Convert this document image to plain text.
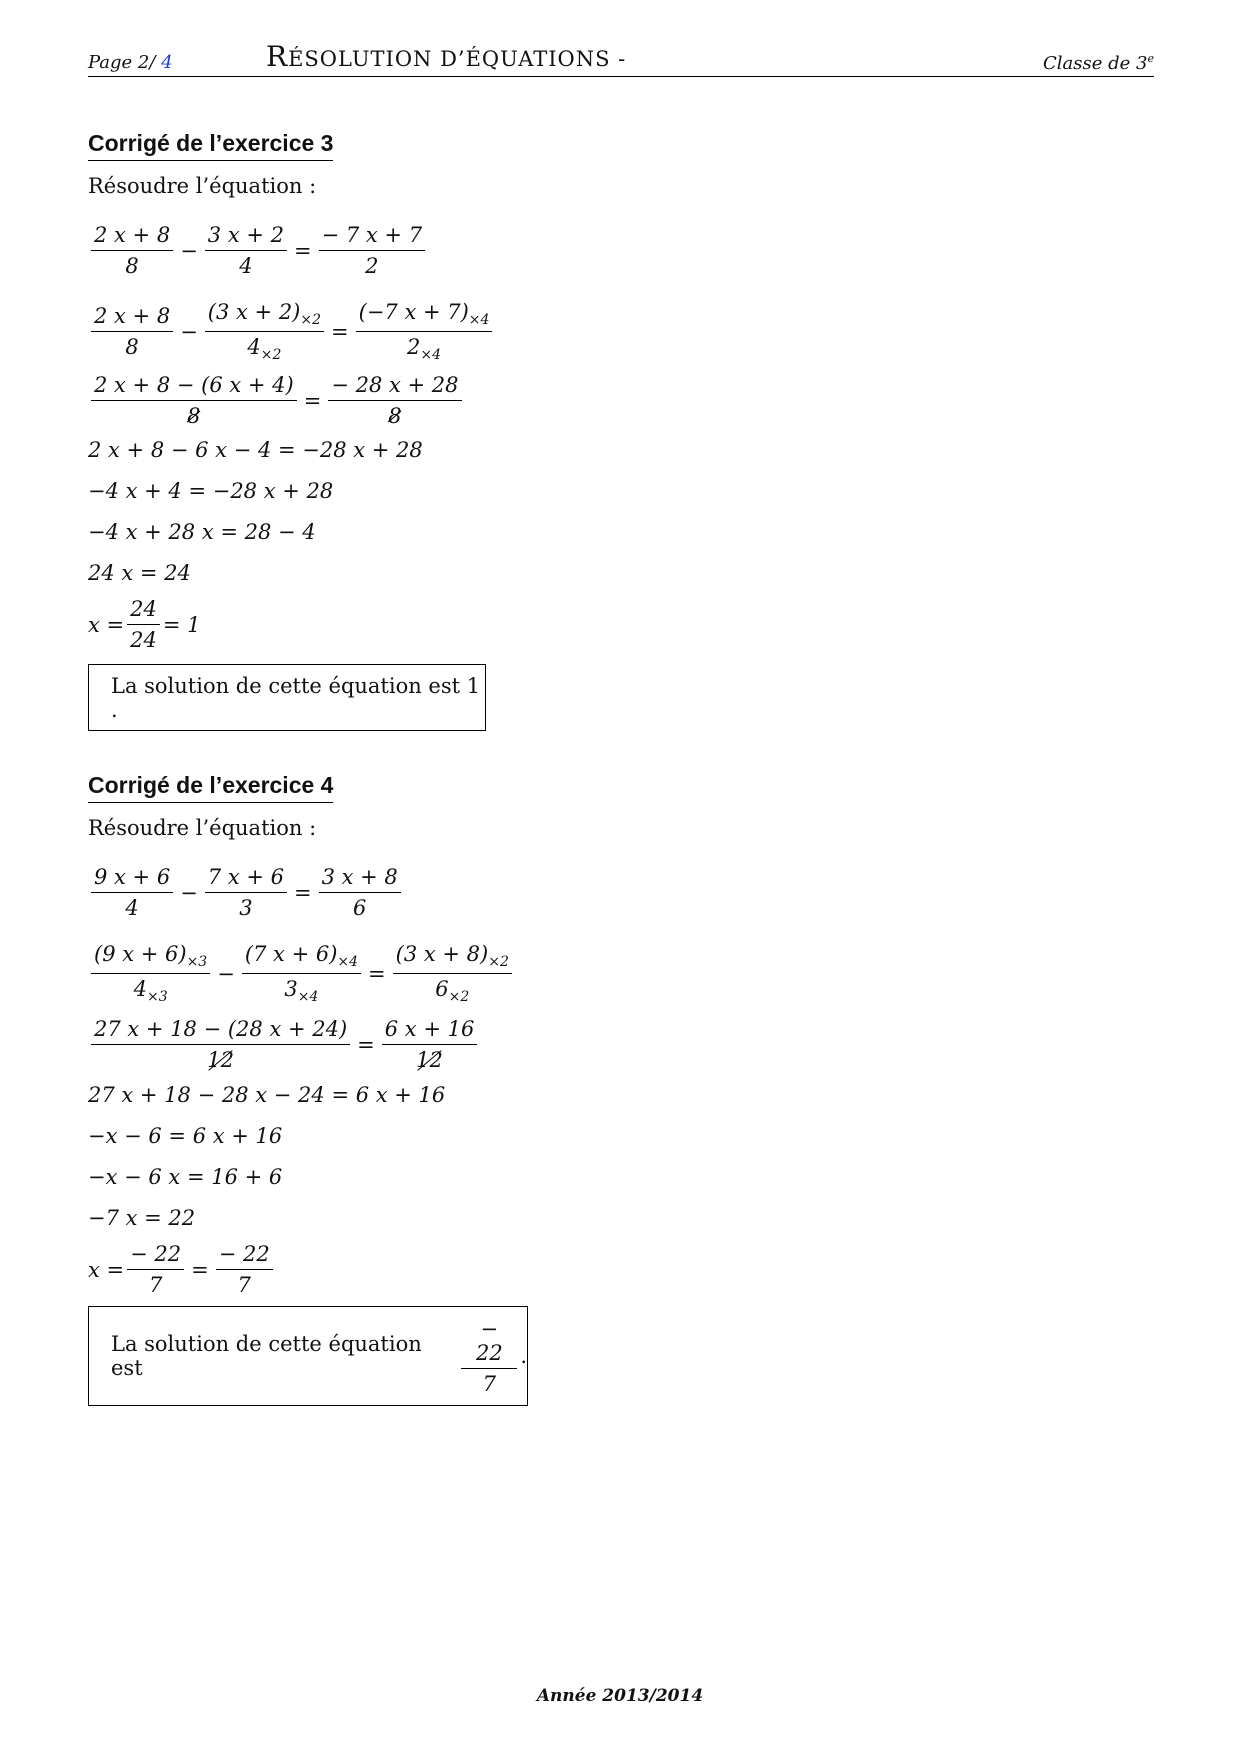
Page 2/ 4	RÉSOLUTION D’ÉQUATIONS -	Classe de 3e
Corrigé de l’exercice 3
Résoudre l’équation :
$\frac{2 x + 8}{8} - \frac{3 x + 2}{4} = \frac{- 7 x + 7}{2}$
$\frac{2 x + 8}{8} - \frac{(3 x + 2)_{\times 2}}{4_{\times 2}} = \frac{(-7 x + 7)_{\times 4}}{2_{\times 4}}$
$\frac{2 x + 8 - (6 x + 4)}{8} = \frac{- 28 x + 28}{8}$
2 x + 8 − 6 x − 4 = −28 x + 28
−4 x + 4 = −28 x + 28
−4 x + 28 x = 28 − 4
24 x = 24
$x = \frac{24}{24} = 1$
La solution de cette équation est 1 .
Corrigé de l’exercice 4
Résoudre l’équation :
$\frac{9 x + 6}{4} - \frac{7 x + 6}{3} = \frac{3 x + 8}{6}$
$\frac{(9 x + 6)_{\times 3}}{4_{\times 3}} - \frac{(7 x + 6)_{\times 4}}{3_{\times 4}} = \frac{(3 x + 8)_{\times 2}}{6_{\times 2}}$
$\frac{27 x + 18 - (28 x + 24)}{12} = \frac{6 x + 16}{12}$
27 x + 18 − 28 x − 24 = 6 x + 16
−x − 6 = 6 x + 16
−x − 6 x = 16 + 6
−7 x = 22
$x = \frac{- 22}{7} = \frac{- 22}{7}$
La solution de cette équation est	$\frac{- 22}{7}$ .
Année 2013/2014
